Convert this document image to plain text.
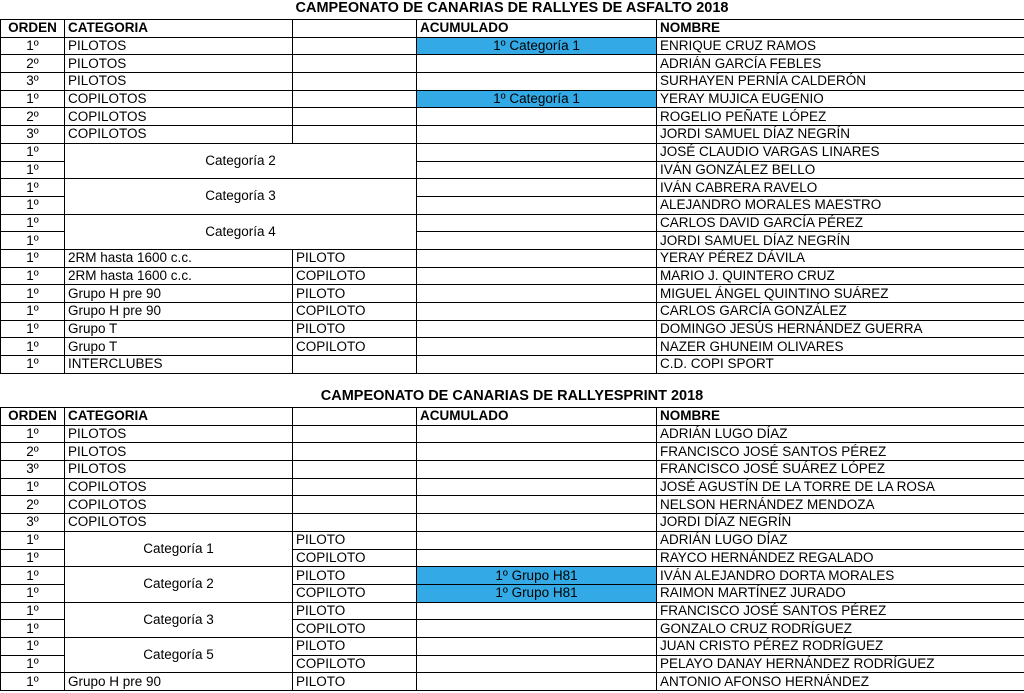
CAMPEONATO DE CANARIAS DE RALLYES DE ASFALTO 2018
ORDEN	CATEGORIA		ACUMULADO	NOMBRE
1º	PILOTOS		1º Categoría 1	ENRIQUE CRUZ RAMOS
2º	PILOTOS			ADRIÁN GARCÍA FEBLES
3º	PILOTOS			SURHAYEN PERNÍA CALDERÓN
1º	COPILOTOS		1º Categoría 1	YERAY MUJICA EUGENIO
2º	COPILOTOS			ROGELIO PEÑATE LÓPEZ
3º	COPILOTOS			JORDI SAMUEL DÍAZ NEGRÍN
1º	Categoría 2			JOSÉ CLAUDIO VARGAS LINARES
1º				IVÁN GONZÁLEZ BELLO
1º	Categoría 3			IVÁN CABRERA RAVELO
1º				ALEJANDRO MORALES MAESTRO
1º	Categoría 4			CARLOS DAVID GARCÍA PÉREZ
1º				JORDI SAMUEL DÍAZ NEGRÍN
1º	2RM hasta 1600 c.c.	PILOTO		YERAY PÉREZ DÁVILA
1º	2RM hasta 1600 c.c.	COPILOTO		MARIO J. QUINTERO CRUZ
1º	Grupo H pre 90	PILOTO		MIGUEL ÁNGEL QUINTINO SUÁREZ
1º	Grupo H pre 90	COPILOTO		CARLOS GARCÍA GONZÁLEZ
1º	Grupo T	PILOTO		DOMINGO JESÚS HERNÁNDEZ GUERRA
1º	Grupo T	COPILOTO		NAZER GHUNEIM OLIVARES
1º	INTERCLUBES			C.D. COPI SPORT
CAMPEONATO DE CANARIAS DE RALLYESPRINT 2018
ORDEN	CATEGORIA		ACUMULADO	NOMBRE
1º	PILOTOS			ADRIÁN LUGO DÍAZ
2º	PILOTOS			FRANCISCO JOSÉ SANTOS PÉREZ
3º	PILOTOS			FRANCISCO JOSÉ SUÁREZ LÓPEZ
1º	COPILOTOS			JOSÉ AGUSTÍN DE LA TORRE DE LA ROSA
2º	COPILOTOS			NELSON HERNÁNDEZ MENDOZA
3º	COPILOTOS			JORDI DÍAZ NEGRÍN
1º	Categoría 1	PILOTO		ADRIÁN LUGO DÍAZ
1º		COPILOTO		RAYCO HERNÁNDEZ REGALADO
1º	Categoría 2	PILOTO	1º Grupo H81	IVÁN ALEJANDRO DORTA MORALES
1º		COPILOTO	1º Grupo H81	RAIMON MARTÍNEZ JURADO
1º	Categoría 3	PILOTO		FRANCISCO JOSÉ SANTOS PÉREZ
1º		COPILOTO		GONZALO CRUZ RODRÍGUEZ
1º	Categoría 5	PILOTO		JUAN CRISTO PÉREZ RODRÍGUEZ
1º		COPILOTO		PELAYO DANAY HERNÁNDEZ RODRÍGUEZ
1º	Grupo H pre 90	PILOTO		ANTONIO AFONSO HERNÁNDEZ
